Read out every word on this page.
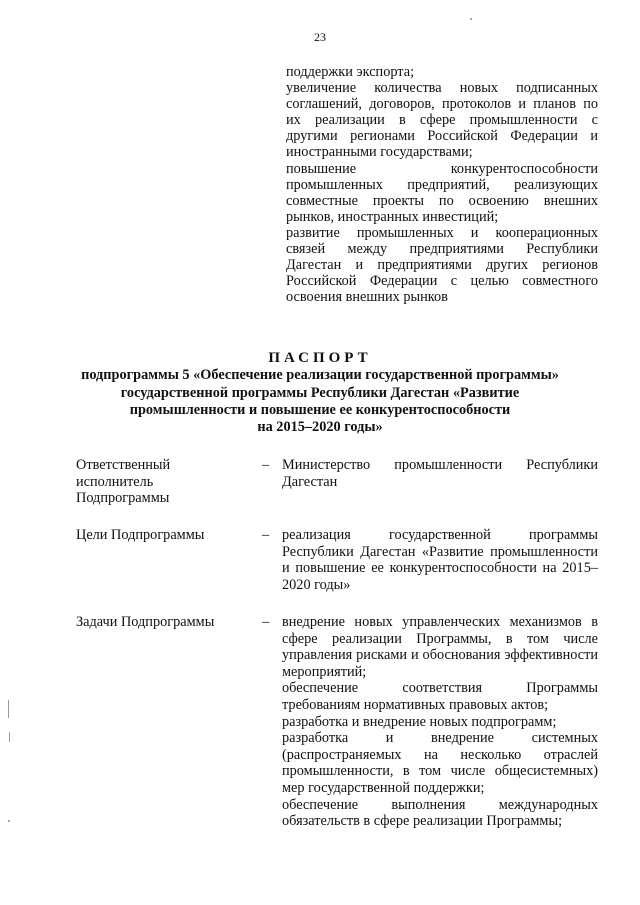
23
поддержки экспорта;
увеличение количества новых подписанных соглашений, договоров, протоколов и планов по их реализации в сфере промышленности с другими регионами Российской Федерации и иностранными государствами;
повышение конкурентоспособности промышленных предприятий, реализующих совместные проекты по освоению внешних рынков, иностранных инвестиций;
развитие промышленных и кооперационных связей между предприятиями Республики Дагестан и предприятиями других регионов Российской Федерации с целью совместного освоения внешних рынков
ПАСПОРТ
подпрограммы 5 «Обеспечение реализации государственной программы»
государственной программы Республики Дагестан «Развитие
промышленности и повышение ее конкурентоспособности
на 2015–2020 годы»
Ответственный исполнитель Подпрограммы
– Министерство промышленности Республики Дагестан
Цели Подпрограммы	– реализация государственной программы Республики Дагестан «Развитие промышленности и повышение ее конкурентоспособности на 2015–2020 годы»
Задачи Подпрограммы	– внедрение новых управленческих механизмов в сфере реализации Программы, в том числе управления рисками и обоснования эффективности мероприятий;
обеспечение соответствия Программы требованиям нормативных правовых актов;
разработка и внедрение новых подпрограмм;
разработка и внедрение системных (распространяемых на несколько отраслей промышленности, в том числе общесистемных) мер государственной поддержки;
обеспечение выполнения международных обязательств в сфере реализации Программы;
